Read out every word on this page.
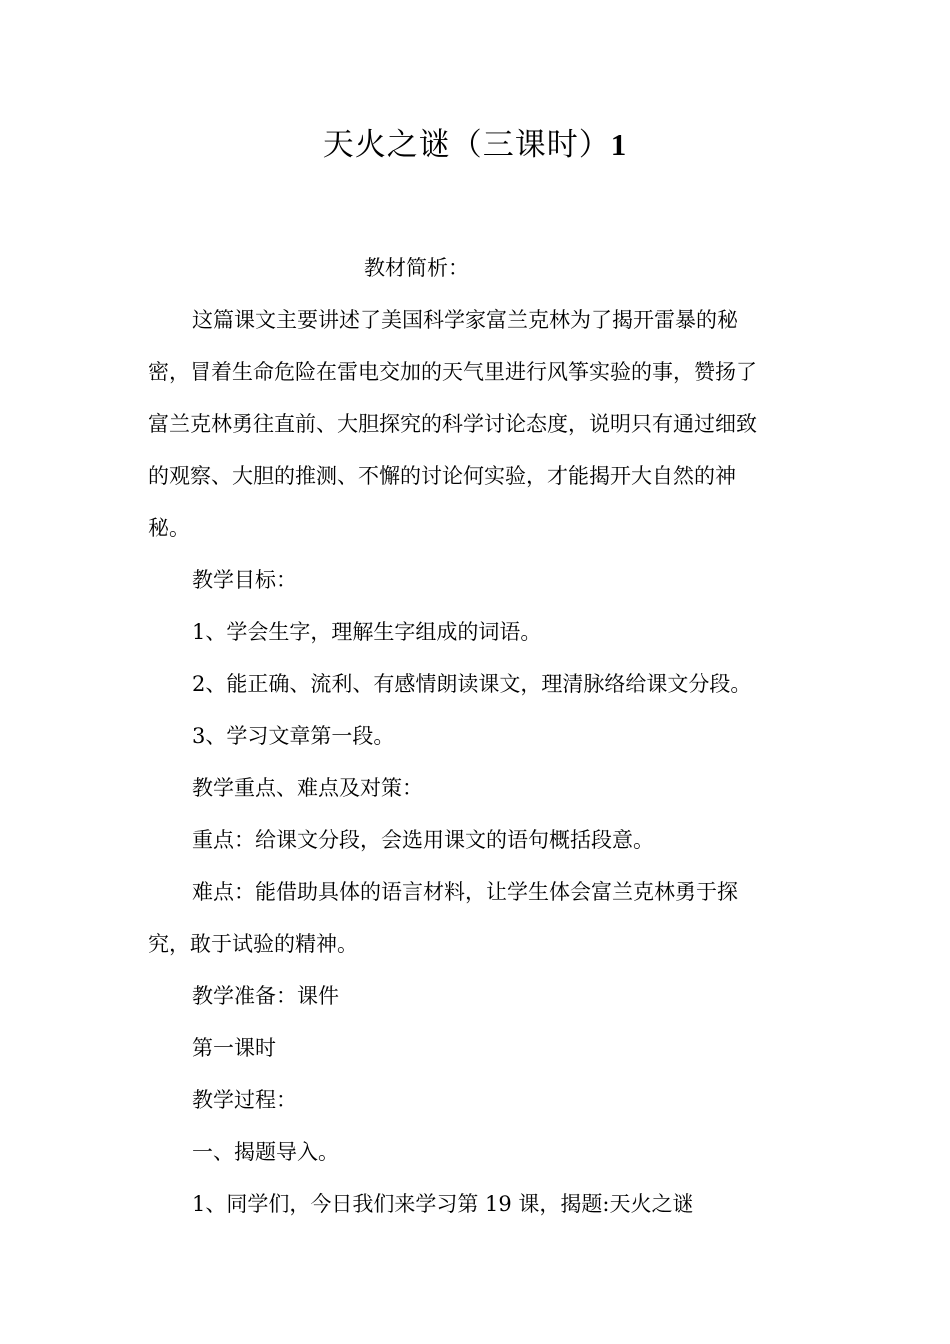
天火之谜（三课时）1

教材简析：

这篇课文主要讲述了美国科学家富兰克林为了揭开雷暴的秘
密，冒着生命危险在雷电交加的天气里进行风筝实验的事，赞扬了
富兰克林勇往直前、大胆探究的科学讨论态度，说明只有通过细致
的观察、大胆的推测、不懈的讨论何实验，才能揭开大自然的神
秘。

教学目标：

1、学会生字，理解生字组成的词语。

2、能正确、流利、有感情朗读课文，理清脉络给课文分段。

3、学习文章第一段。

教学重点、难点及对策：

重点：给课文分段，会选用课文的语句概括段意。

难点：能借助具体的语言材料，让学生体会富兰克林勇于探
究，敢于试验的精神。

教学准备：课件

第一课时

教学过程：

一、揭题导入。

1、同学们，今日我们来学习第 19 课，揭题:天火之谜
